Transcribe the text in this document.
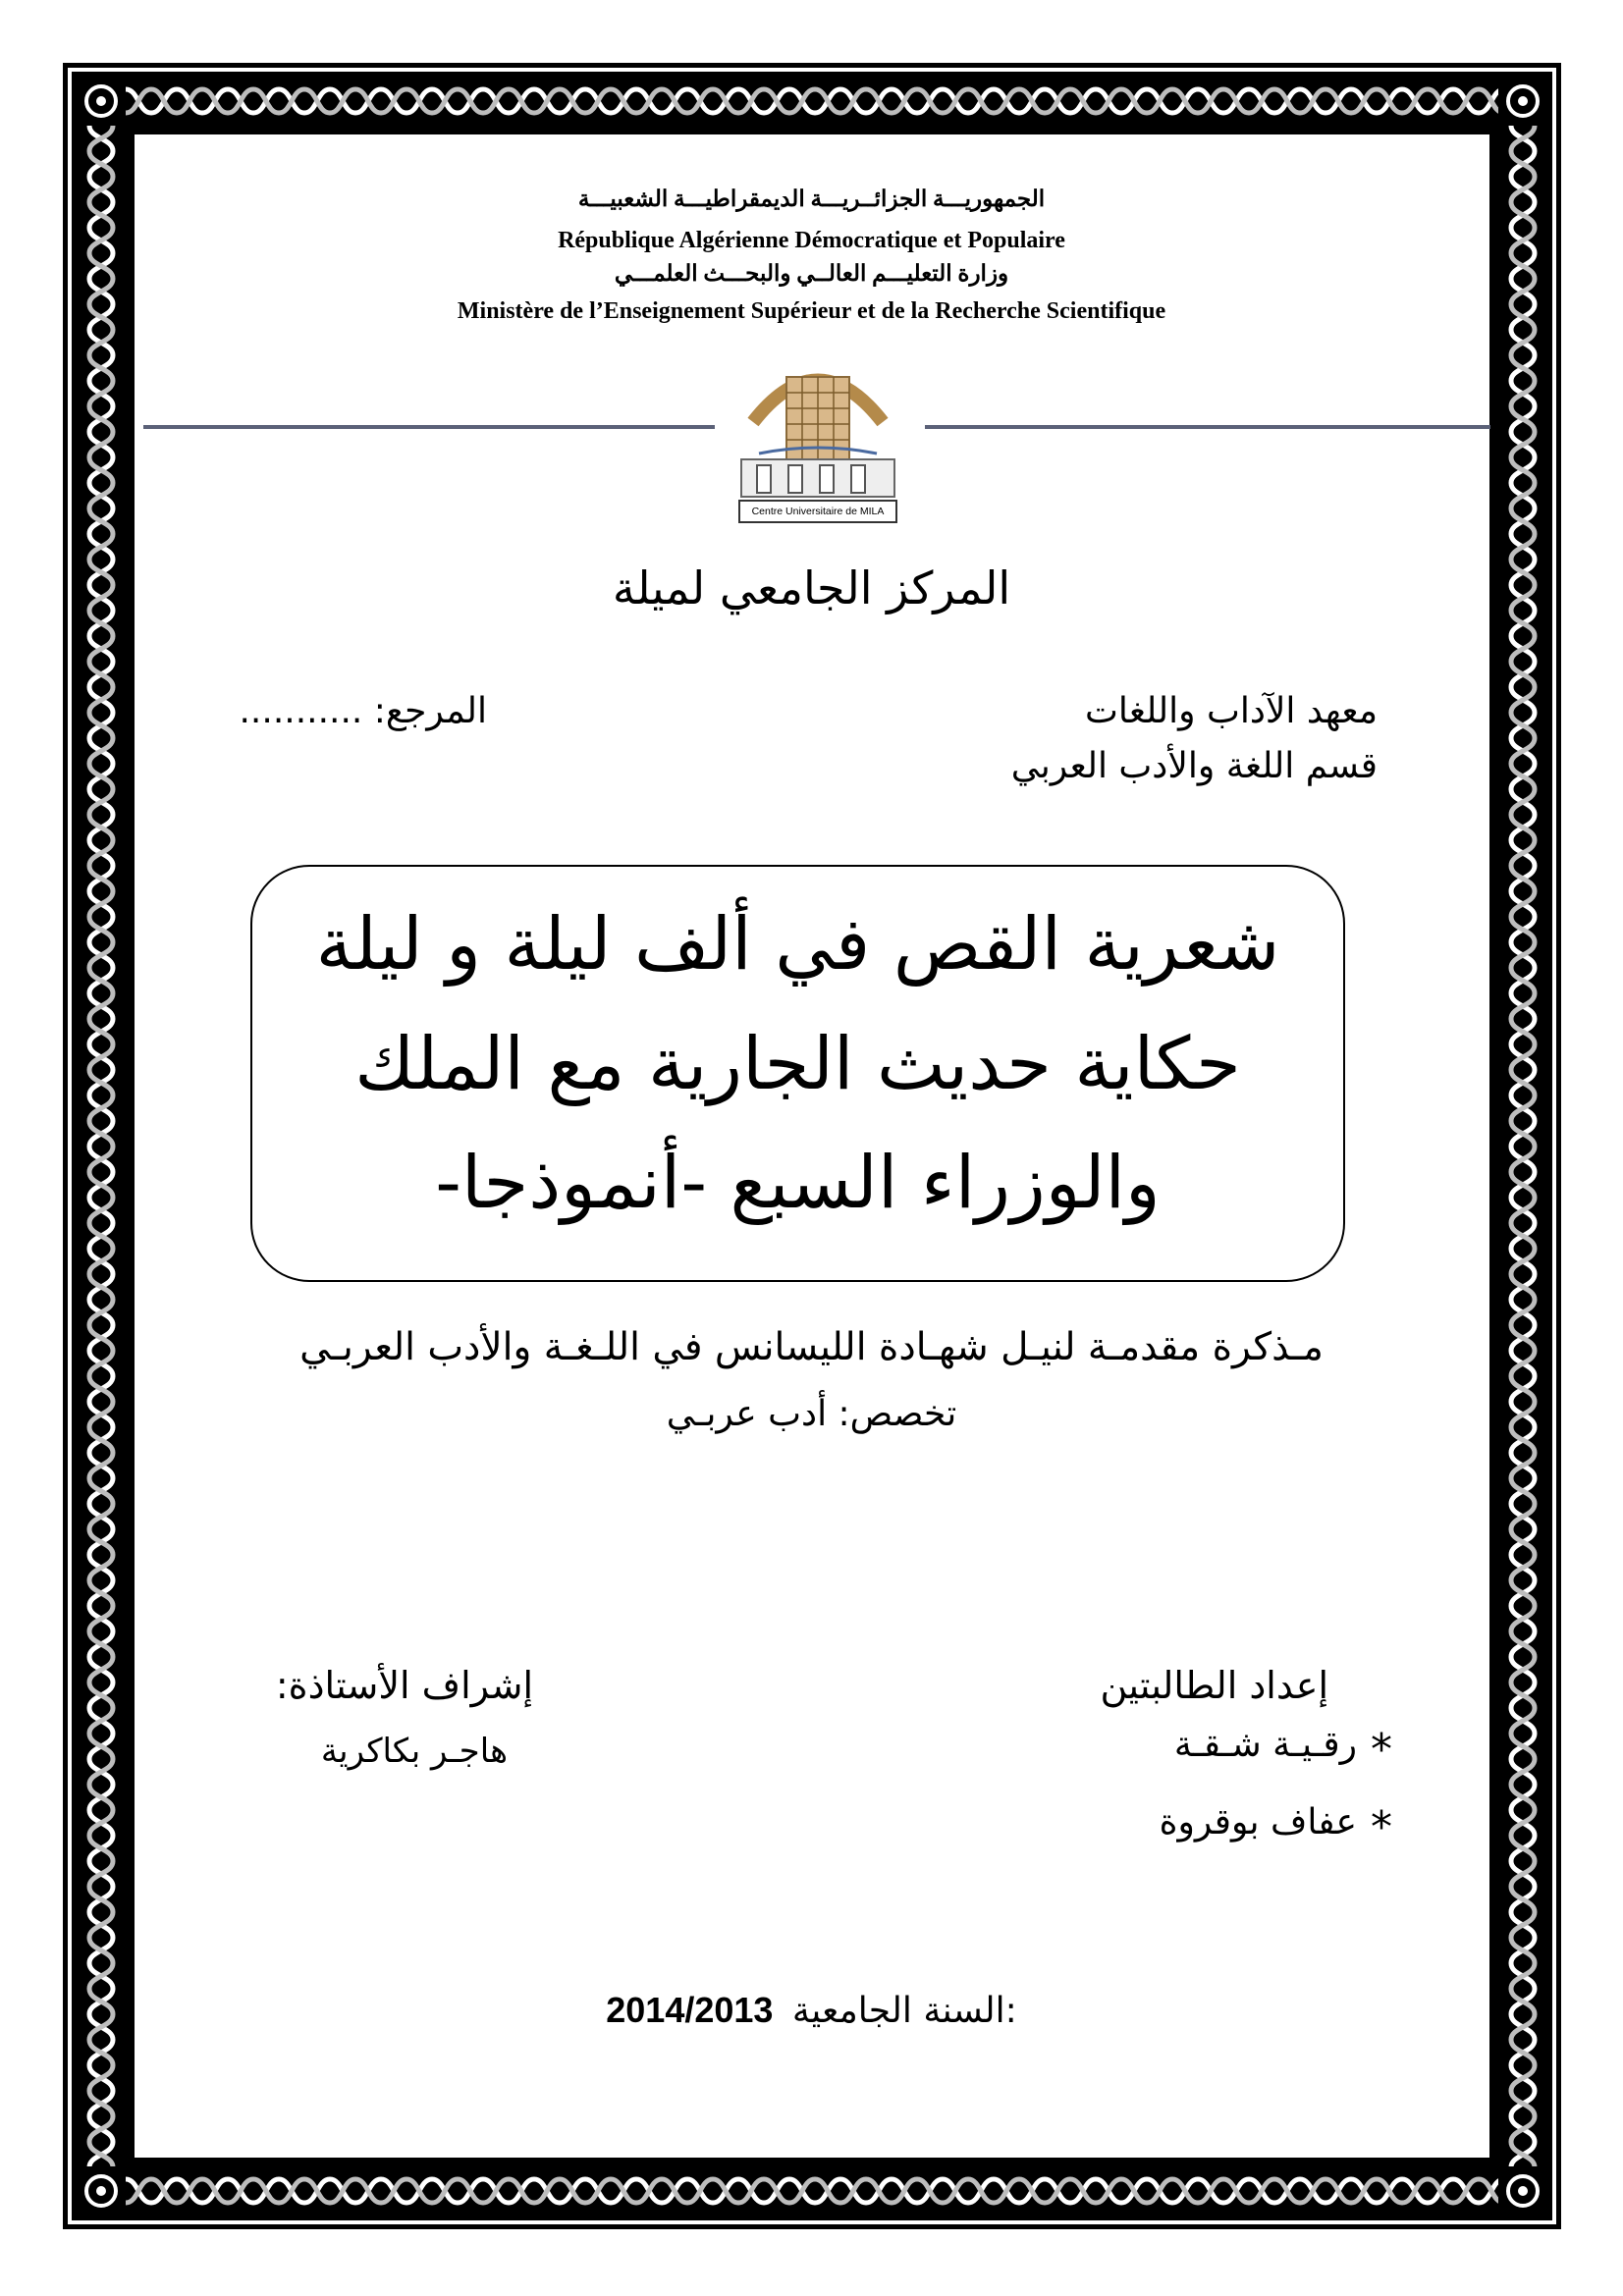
الجمهوريـــة الجزائــريـــة الديمقراطيـــة الشعبيـــة
République Algérienne Démocratique et Populaire
وزارة التعليـــم العالــي والبحـــث العلمـــي
Ministère de l’Enseignement Supérieur et de la Recherche Scientifique
Centre Universitaire de MILA
المركز الجامعي لميلة
معهد الآداب واللغات
قسم اللغة والأدب العربي
المرجع: ...........
شعرية القص في ألف ليلة و ليلة
حكاية حديث الجارية مع الملك
والوزراء السبع -أنموذجا-
مـذكرة مقدمـة لنيـل شهـادة الليسانس في اللـغـة والأدب العربـي
تخصص: أدب عربـي
إعداد الطالبتين
*
رقـيـة شـقـة
*
عفاف بوقروة
إشراف الأستاذة:
هاجـر بكاكرية
2014/2013 السنة الجامعية:
